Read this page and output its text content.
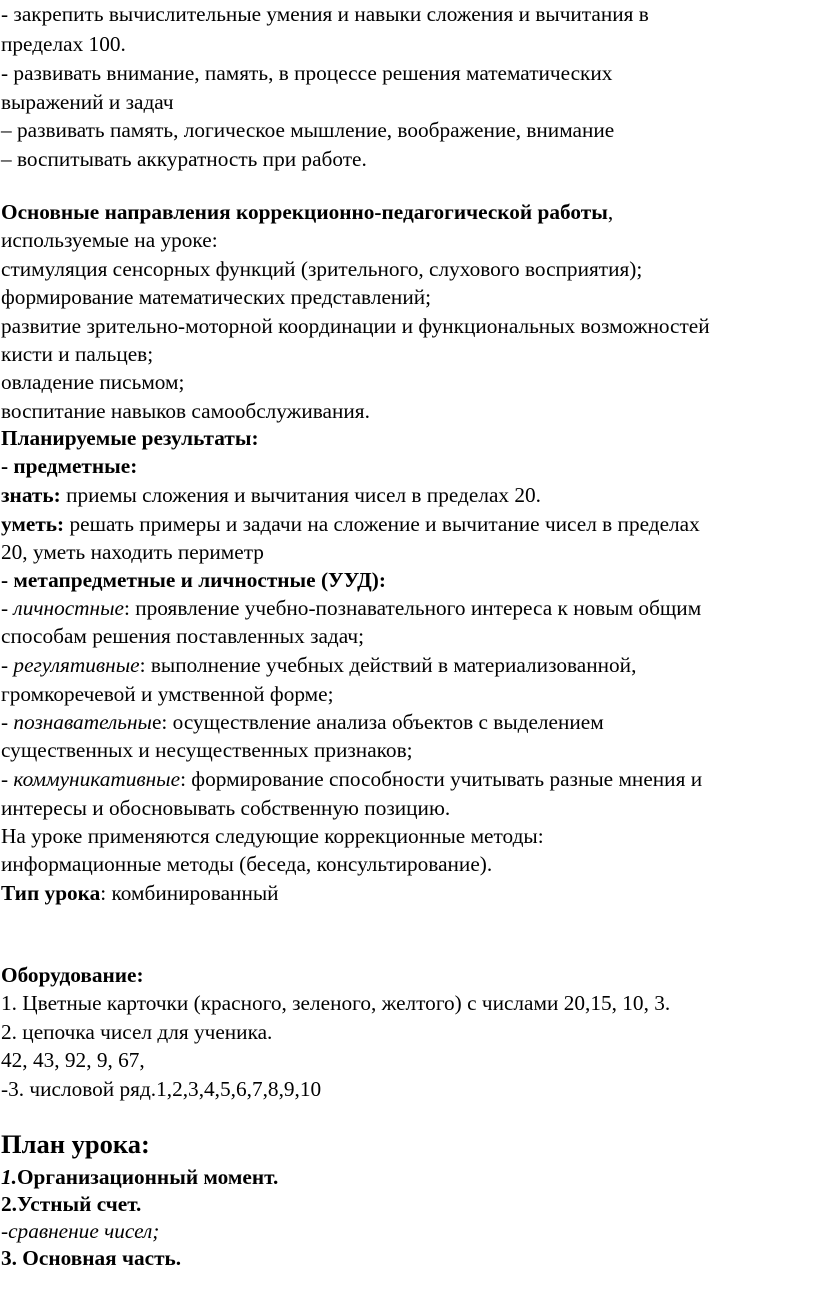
- закрепить вычислительные умения и навыки сложения и вычитания в
пределах 100.
- развивать внимание, память, в процессе решения математических
выражений и задач
– развивать память, логическое мышление, воображение, внимание
– воспитывать аккуратность при работе.
Основные направления коррекционно-педагогической работы,
используемые на уроке:
стимуляция сенсорных функций (зрительного, слухового восприятия);
формирование математических представлений;
развитие зрительно-моторной координации и функциональных возможностей
кисти и пальцев;
овладение письмом;
воспитание навыков самообслуживания.
Планируемые результаты:
- предметные:
знать: приемы сложения и вычитания чисел в пределах 20.
уметь: решать примеры и задачи на сложение и вычитание чисел в пределах
20, уметь находить периметр
- метапредметные и личностные (УУД):
- личностные: проявление учебно-познавательного интереса к новым общим
способам решения поставленных задач;
- регулятивные: выполнение учебных действий в материализованной,
громкоречевой и умственной форме;
- познавательные: осуществление анализа объектов с выделением
существенных и несущественных признаков;
- коммуникативные: формирование способности учитывать разные мнения и
интересы и обосновывать собственную позицию.
На уроке применяются следующие коррекционные методы:
информационные методы (беседа, консультирование).
Тип урока: комбинированный
Оборудование:
1. Цветные карточки (красного, зеленого, желтого) с числами 20,15, 10, 3.
2. цепочка чисел для ученика.
42, 43, 92, 9, 67,
-3. числовой ряд.1,2,3,4,5,6,7,8,9,10
План урока:
1.Организационный момент.
2.Устный счет.
-сравнение чисел;
3. Основная часть.
